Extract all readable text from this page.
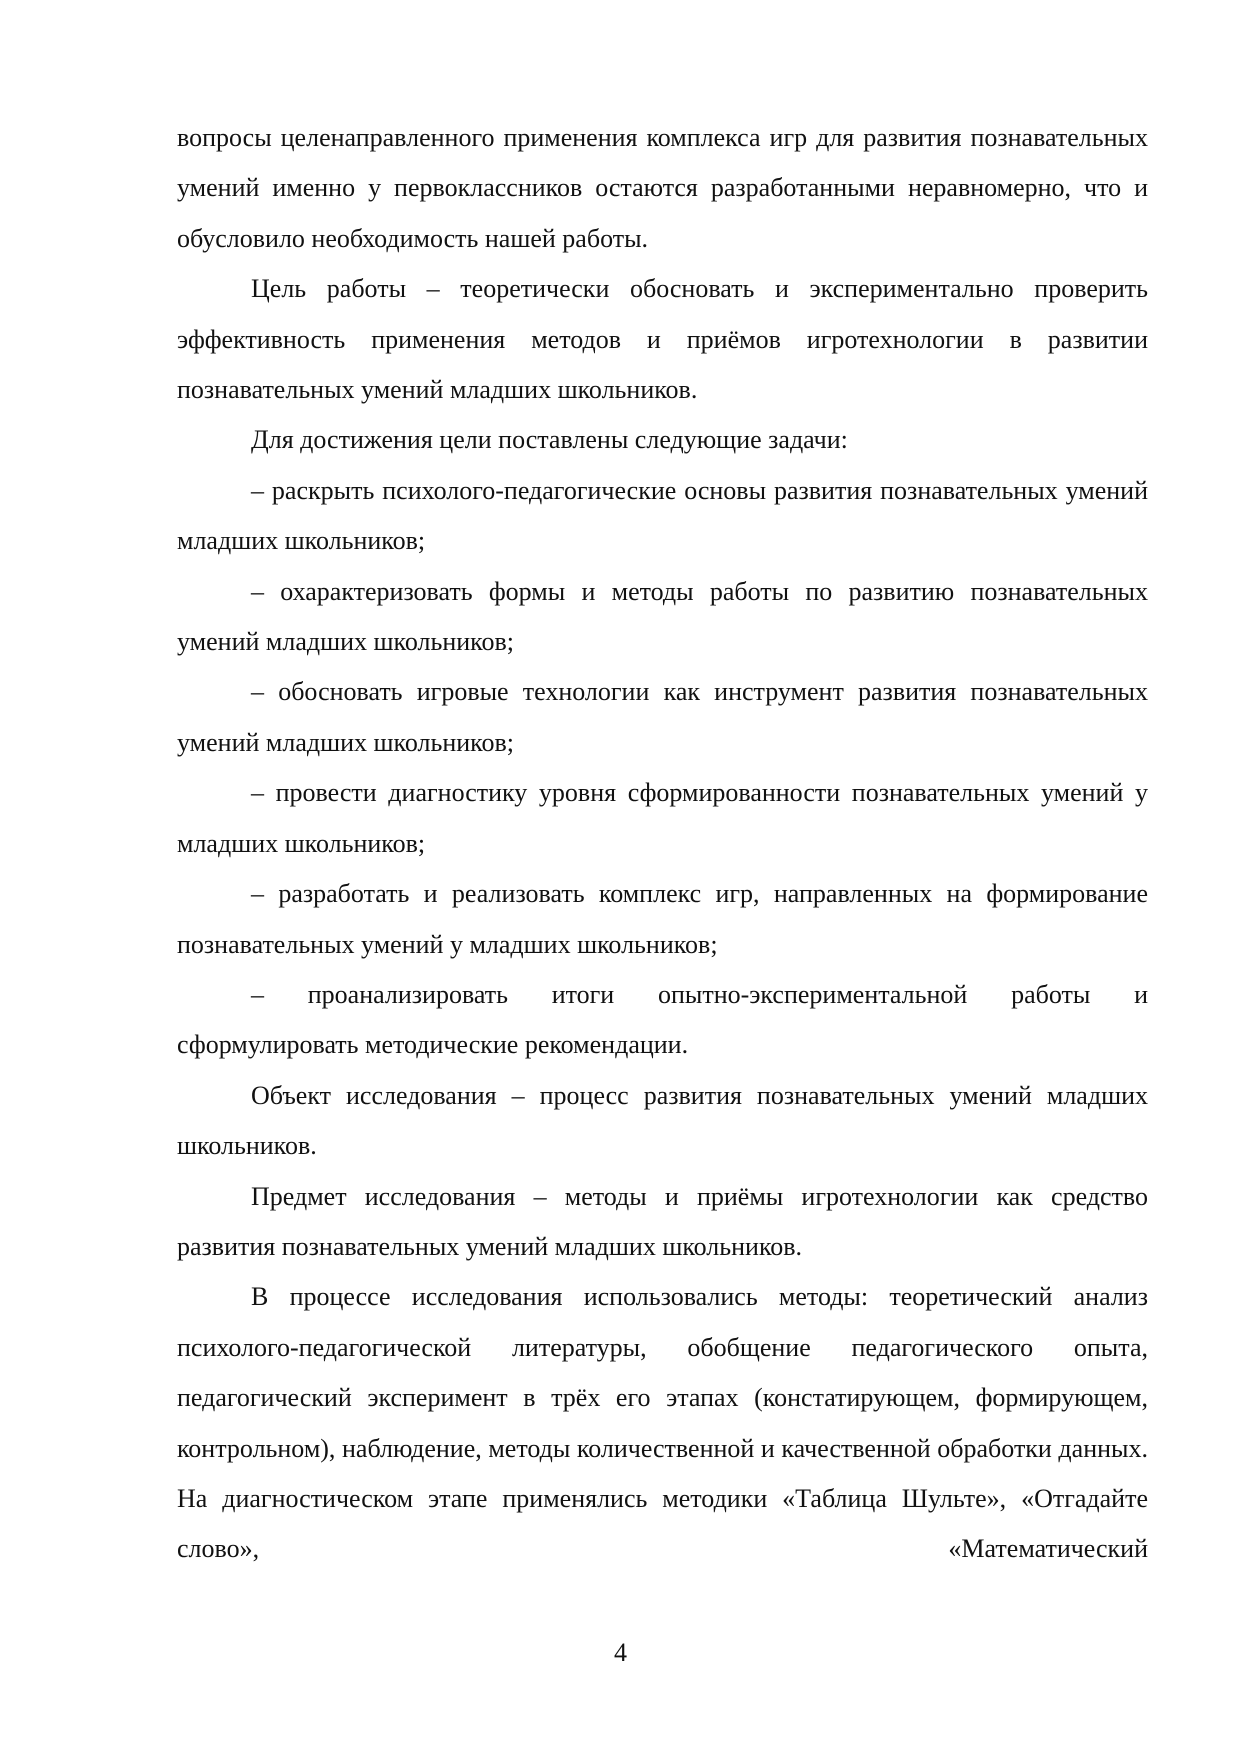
вопросы целенаправленного применения комплекса игр для развития познавательных умений именно у первоклассников остаются разработанными неравномерно, что и обусловило необходимость нашей работы.

Цель работы – теоретически обосновать и экспериментально проверить эффективность применения методов и приёмов игротехнологии в развитии познавательных умений младших школьников.

Для достижения цели поставлены следующие задачи:

– раскрыть психолого-педагогические основы развития познавательных умений младших школьников;

– охарактеризовать формы и методы работы по развитию познавательных умений младших школьников;

– обосновать игровые технологии как инструмент развития познавательных умений младших школьников;

– провести диагностику уровня сформированности познавательных умений у младших школьников;

– разработать и реализовать комплекс игр, направленных на формирование познавательных умений у младших школьников;

– проанализировать итоги опытно-экспериментальной работы и сформулировать методические рекомендации.

Объект исследования – процесс развития познавательных умений младших школьников.

Предмет исследования – методы и приёмы игротехнологии как средство развития познавательных умений младших школьников.

В процессе исследования использовались методы: теоретический анализ психолого-педагогической литературы, обобщение педагогического опыта, педагогический эксперимент в трёх его этапах (констатирующем, формирующем, контрольном), наблюдение, методы количественной и качественной обработки данных. На диагностическом этапе применялись методики «Таблица Шульте», «Отгадайте слово», «Математический

4
